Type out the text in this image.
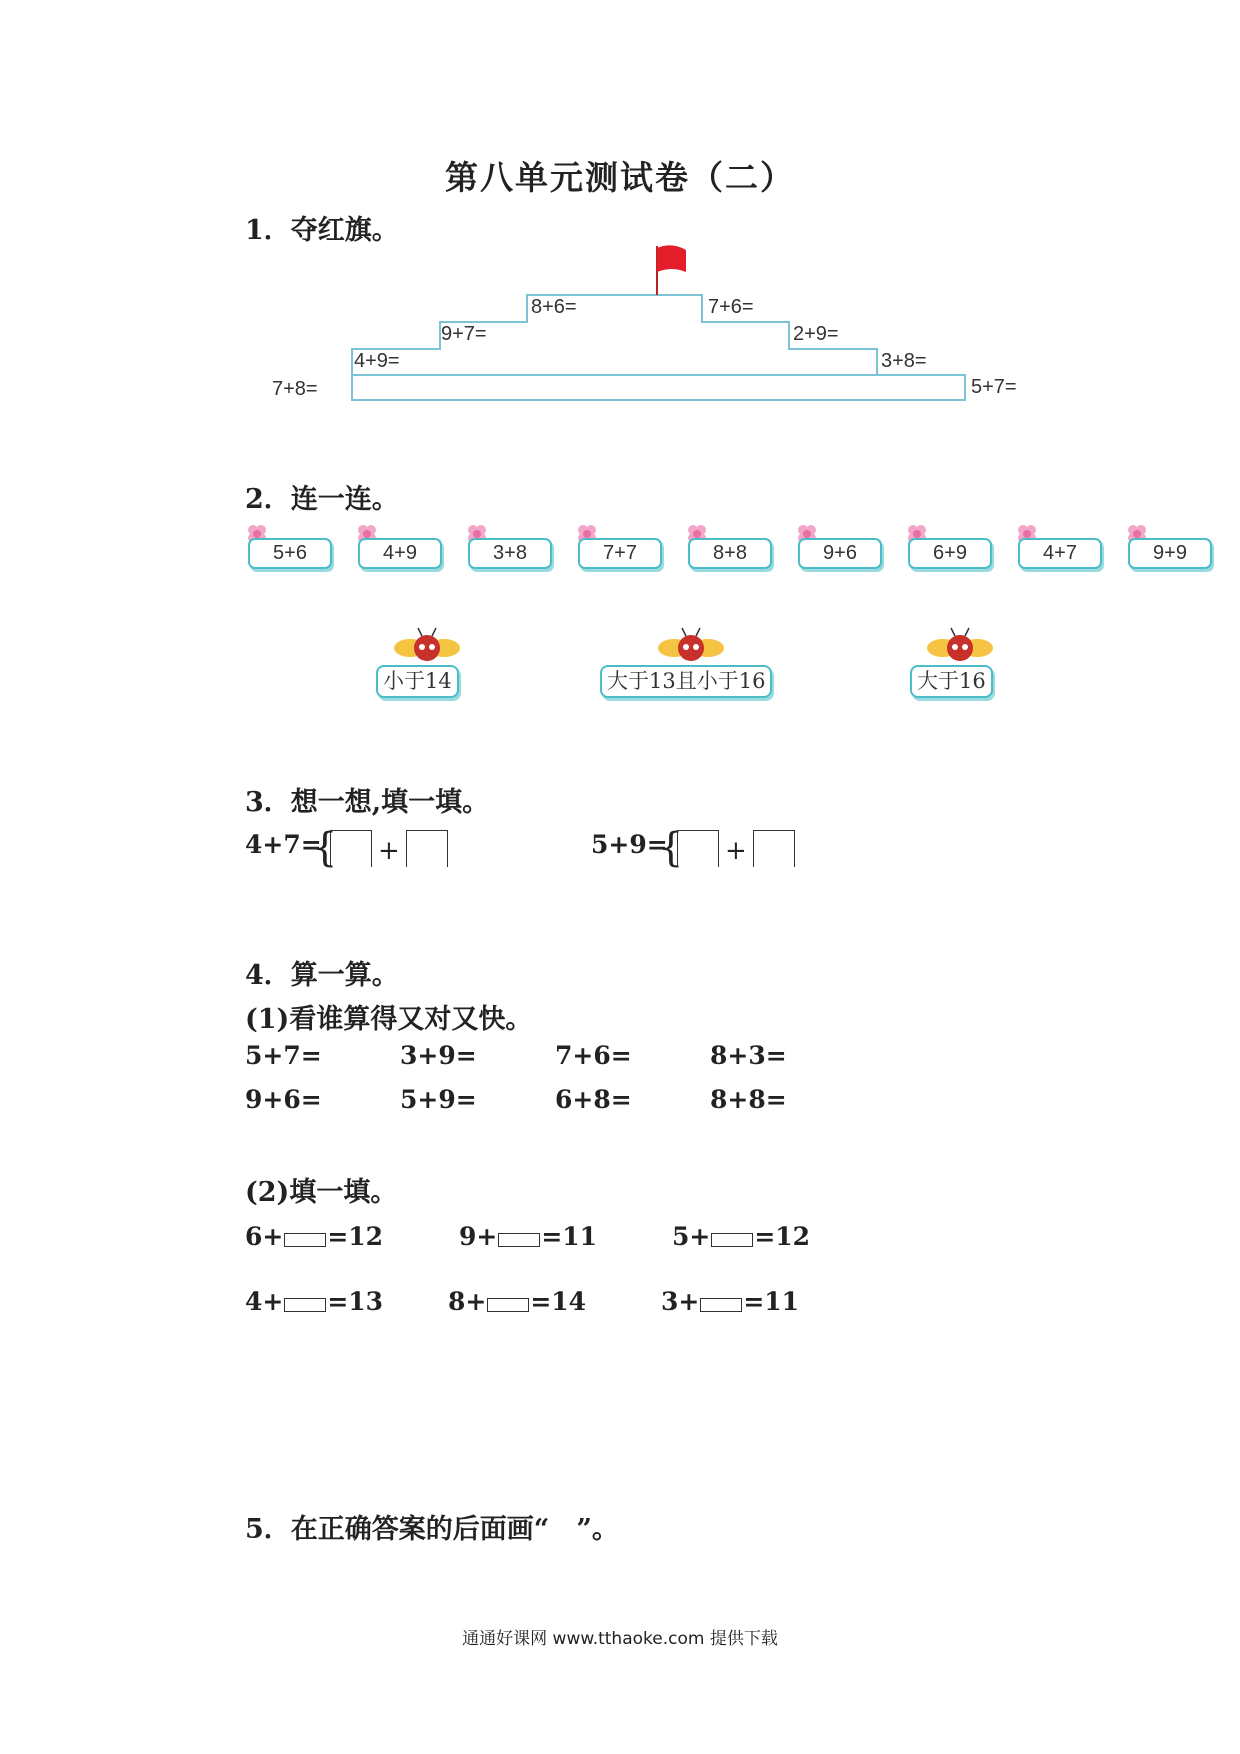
第八单元测试卷（二）
1．夺红旗。
7+8=
4+9=
9+7=
8+6=	7+6=
2+9=
3+8=
5+7=
2．连一连。
5+6	4+9	3+8	7+7	8+8	9+6	6+9	4+7	9+9
小于14	大于13且小于16	大于16
3．想一想,填一填。
4+7=
{ +	5+9=
{ +
4．算一算。
(1)看谁算得又对又快。
5+7=	3+9=	7+6=	8+3=
9+6=	5+9=	6+8=	8+8=
(2)填一填。
6+ =12	9+ =11	5+ =12
4+ =13	8+ =14	3+ =11
5．在正确答案的后面画“　”。
通通好课网 www.tthaoke.com 提供下载
